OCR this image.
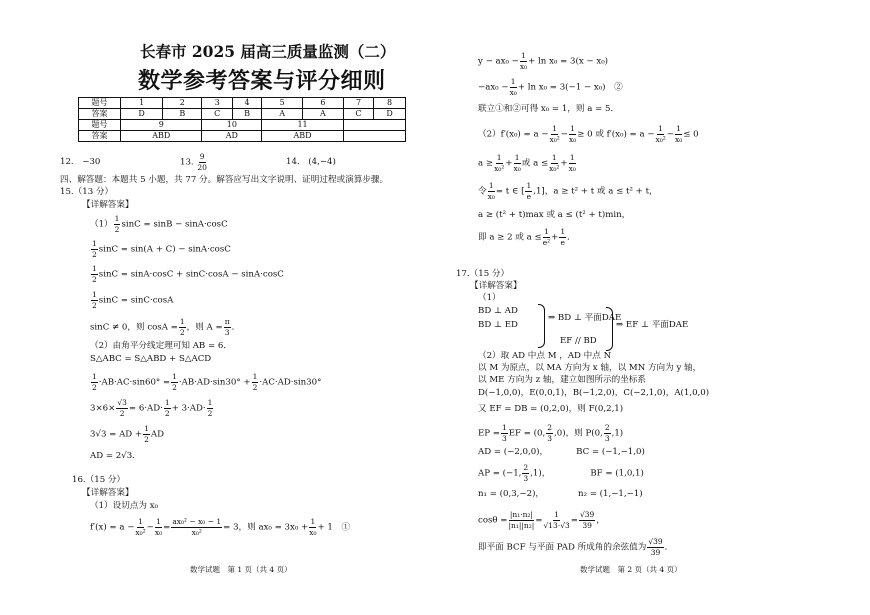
长春市 2025 届高三质量监测（二）
数学参考答案与评分细则
题号	1	2	3	4	5	6	7	8
答案	D	B	C	B	A	A	C	D
题号	9		10		11			
答案	ABD		AD		ABD			
12.　−30	13. $\frac{9}{20}$	14.　(4,−4)
四、解答题：本题共 5 小题，共 77 分。解答应写出文字说明、证明过程或演算步骤。
15.（13 分）
【详解答案】
$(1) \frac{1}{2}$ sinC = sinB − sinA·cosC
$\frac{1}{2}$ sinC = sin(A + C) − sinA·cosC
$\frac{1}{2}$ sinC = sinA·cosC + sinC·cosA − sinA·cosC
$\frac{1}{2}$ sinC = sinC·cosA
sinC ≠ 0，则 $\cos A = \frac{1}{2}$ ，则 $A = \frac{\pi}{3}$ ．
（2）由角平分线定理可知 AB = 6．
S△ABC = S△ABD + S△ACD
$\frac{1}{2} \cdot AB\cdot AC\cdot\sin 60^\circ = \frac{1}{2} \cdot AB\cdot AD\cdot\sin 30^\circ + \frac{1}{2} \cdot AC\cdot AD\cdot\sin 30^\circ$
$3\times 6\times \frac{√3}{2} = 6\cdot AD\cdot \frac{1}{2} + 3\cdot AD\cdot \frac{1}{2}$
3√3 = AD + $\frac{1}{2}$ AD
AD = 2√3．
16.（15 分）
【详解答案】
（1）设切点为 x₀
$f'(x) = a - \frac{1}{\text{x₀²}} - \frac{1}{\text{x₀}} = \frac{\text{ax₀² − x₀ − 1}}{\text{x₀²}} = 3$，则 $ax_0 = 3x_0 + \frac{1}{\text{x₀}} + 1$　①
数学试题　第 1 页（共 4 页）
$y - ax_0 - \frac{1}{\text{x₀}} + \ln x_0 = 3(x - x_0)$
$-ax_0 - \frac{1}{\text{x₀}} + \ln x_0 = 3(-1 - x_0)$　②
联立①和②可得 x₀ = 1，则 a = 5．
$(2)f'(x_0) = a - \frac{1}{\text{x₀²}} - \frac{1}{\text{x₀}} \ge 0$ 或 $f'(x_0) = a - \frac{1}{\text{x₀²}} - \frac{1}{\text{x₀}} \le 0$
$a \ge \frac{1}{\text{x₀²}} + \frac{1}{\text{x₀}}$ 或 $a \le \frac{1}{\text{x₀²}} + \frac{1}{\text{x₀}}$
令 $\frac{1}{\text{x₀}} = t$ ∈ [ $\frac{1}{e} ,1$]，a ≥ t² + t 或 a ≤ t² + t，
a ≥ (t² + t)max 或 a ≤ (t² + t)min，
即 a ≥ 2 或 $a \le \frac{1}{\text{e²}} + \frac{1}{e}$ ．
17.（15 分）
【详解答案】
（1）
BD ⊥ AD
BD ⊥ ED
⇒ BD ⊥ 平面DAE
EF // BD
⇒ EF ⊥ 平面DAE
（2）取 AD 中点 M ，AD 中点 N
以 M 为原点，以 MA 方向为 x 轴，以 MN 方向为 y 轴，
以 ME 方向为 z 轴，建立如图所示的坐标系
D(−1,0,0)，E(0,0,1)，B(−1,2,0)，C(−2,1,0)，A(1,0,0)
又 EF = DB = (0,2,0)，则 F(0,2,1)
EP = $\frac{1}{3}$ EF = (0, $\frac{2}{3} ,0$)，则 P(0, $\frac{2}{3} ,1$)
AD = (−2,0,0)，	BC = (−1,−1,0)
AP = (−1, $\frac{2}{3} ,1$)，	BF = (1,0,1)
n₁ = (0,3,−2)，	n₂ = (1,−1,−1)
$\cos\theta = \frac{\text{|n₁·n₂|}}{\text{|n₁||n₂|}} = \frac{1}{√13\cdot√3} = \frac{√39}{39}$ ，
即平面 BCF 与平面 PAD 所成角的余弦值为 $\frac{√39}{39}$ ．
数学试题　第 2 页（共 4 页）
